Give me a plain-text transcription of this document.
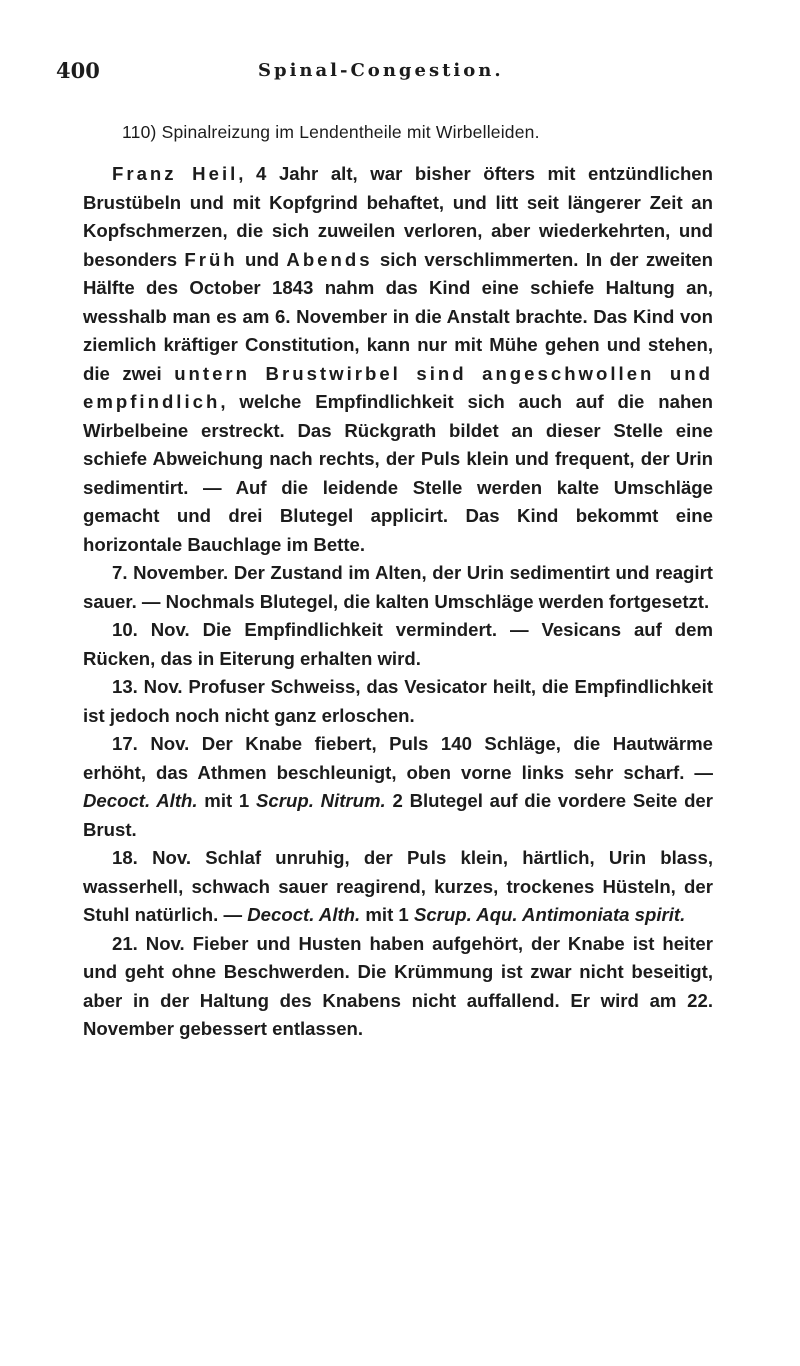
400	Spinal-Congestion.
110) Spinalreizung im Lendentheile mit Wirbelleiden.

Franz Heil, 4 Jahr alt, war bisher öfters mit entzündlichen Brustübeln und mit Kopfgrind behaftet, und litt seit längerer Zeit an Kopfschmerzen, die sich zuweilen verloren, aber wiederkehrten, und besonders Früh und Abends sich verschlimmerten. In der zweiten Hälfte des October 1843 nahm das Kind eine schiefe Haltung an, wesshalb man es am 6. November in die Anstalt brachte. Das Kind von ziemlich kräftiger Constitution, kann nur mit Mühe gehen und stehen, die zwei untern Brustwirbel sind angeschwollen und empfindlich, welche Empfindlichkeit sich auch auf die nahen Wirbelbeine erstreckt. Das Rückgrath bildet an dieser Stelle eine schiefe Abweichung nach rechts, der Puls klein und frequent, der Urin sedimentirt. — Auf die leidende Stelle werden kalte Umschläge gemacht und drei Blutegel applicirt. Das Kind bekommt eine horizontale Bauchlage im Bette.

7. November. Der Zustand im Alten, der Urin sedimentirt und reagirt sauer. — Nochmals Blutegel, die kalten Umschläge werden fortgesetzt.

10. Nov. Die Empfindlichkeit vermindert. — Vesicans auf dem Rücken, das in Eiterung erhalten wird.

13. Nov. Profuser Schweiss, das Vesicator heilt, die Empfindlichkeit ist jedoch noch nicht ganz erloschen.

17. Nov. Der Knabe fiebert, Puls 140 Schläge, die Hautwärme erhöht, das Athmen beschleunigt, oben vorne links sehr scharf. — Decoct. Alth. mit 1 Scrup. Nitrum. 2 Blutegel auf die vordere Seite der Brust.

18. Nov. Schlaf unruhig, der Puls klein, härtlich, Urin blass, wasserhell, schwach sauer reagirend, kurzes, trockenes Hüsteln, der Stuhl natürlich. — Decoct. Alth. mit 1 Scrup. Aqu. Antimoniata spirit.

21. Nov. Fieber und Husten haben aufgehört, der Knabe ist heiter und geht ohne Beschwerden. Die Krümmung ist zwar nicht beseitigt, aber in der Haltung des Knabens nicht auffallend. Er wird am 22. November gebessert entlassen.
